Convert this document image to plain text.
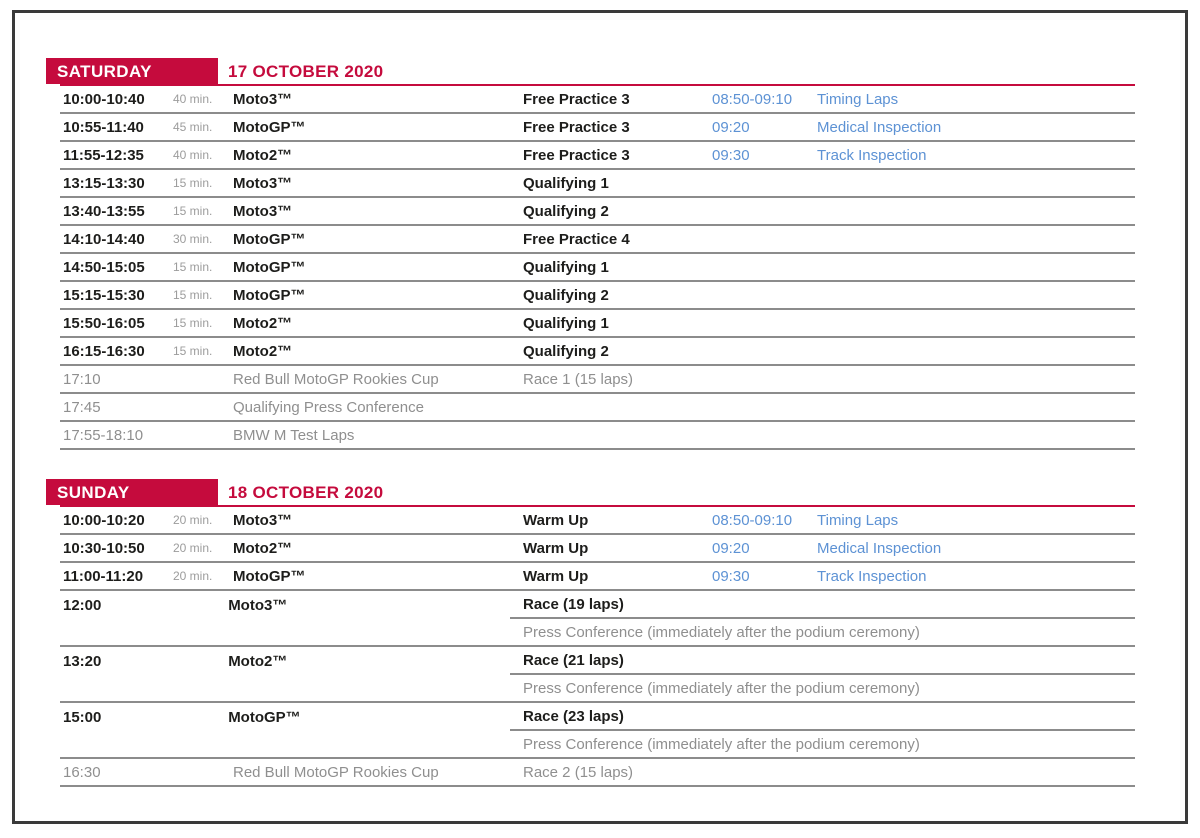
SATURDAY	17 OCTOBER 2020
10:00-10:40	40 min.	Moto3™	Free Practice 3	08:50-09:10	Timing Laps
10:55-11:40	45 min.	MotoGP™	Free Practice 3	09:20	Medical Inspection
11:55-12:35	40 min.	Moto2™	Free Practice 3	09:30	Track Inspection
13:15-13:30	15 min.	Moto3™	Qualifying 1
13:40-13:55	15 min.	Moto3™	Qualifying 2
14:10-14:40	30 min.	MotoGP™	Free Practice 4
14:50-15:05	15 min.	MotoGP™	Qualifying 1
15:15-15:30	15 min.	MotoGP™	Qualifying 2
15:50-16:05	15 min.	Moto2™	Qualifying 1
16:15-16:30	15 min.	Moto2™	Qualifying 2
17:10	Red Bull MotoGP Rookies Cup	Race 1 (15 laps)
17:45	Qualifying Press Conference
17:55-18:10	BMW M Test Laps
SUNDAY	18 OCTOBER 2020
10:00-10:20	20 min.	Moto3™	Warm Up	08:50-09:10	Timing Laps
10:30-10:50	20 min.	Moto2™	Warm Up	09:20	Medical Inspection
11:00-11:20	20 min.	MotoGP™	Warm Up	09:30	Track Inspection
12:00	Moto3™	Race (19 laps)
Press Conference (immediately after the podium ceremony)
13:20	Moto2™	Race (21 laps)
Press Conference (immediately after the podium ceremony)
15:00	MotoGP™	Race (23 laps)
Press Conference (immediately after the podium ceremony)
16:30	Red Bull MotoGP Rookies Cup	Race 2 (15 laps)
